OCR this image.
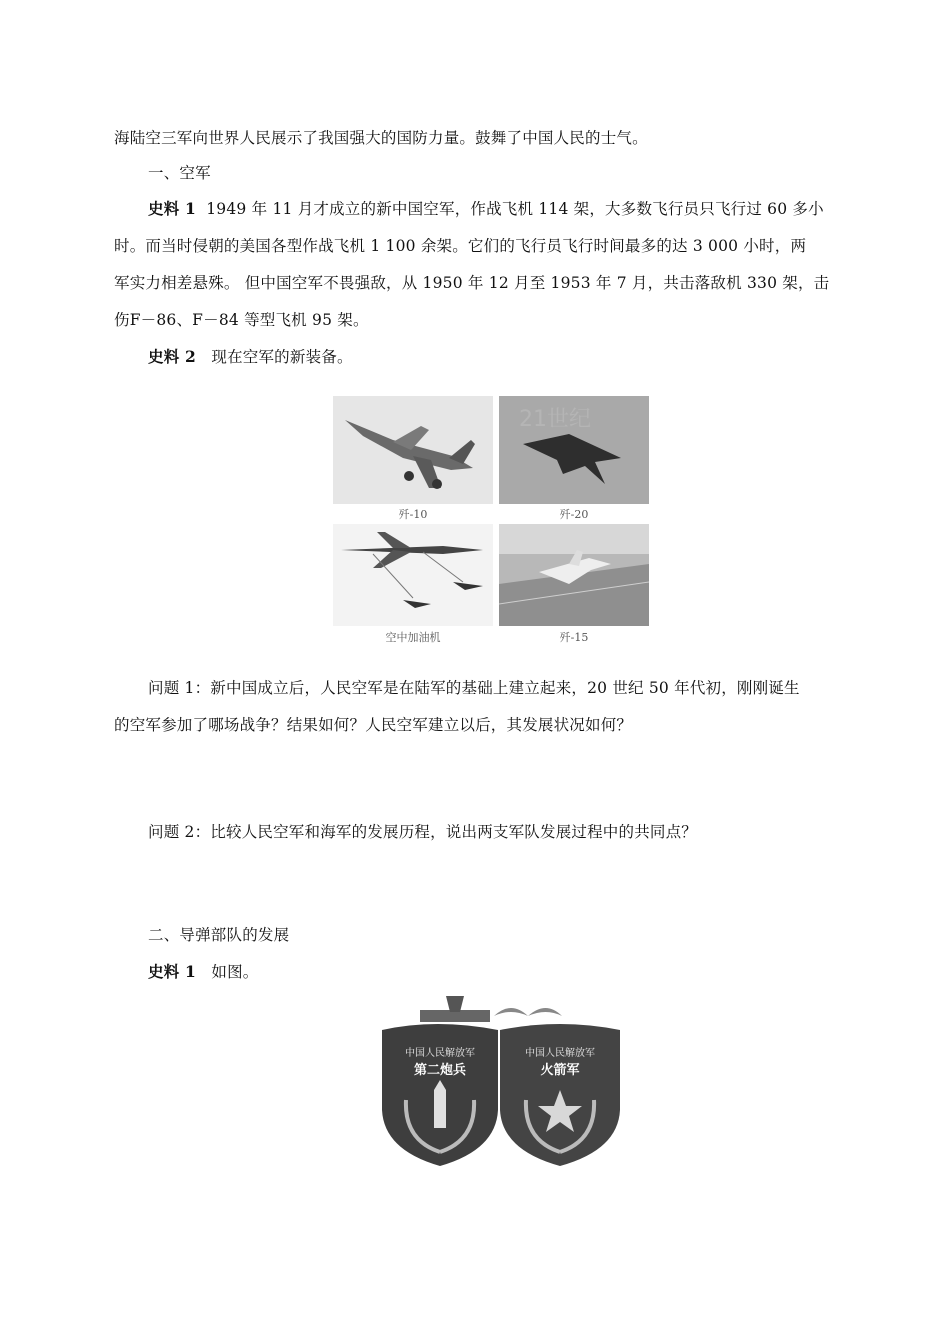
海陆空三军向世界人民展示了我国强大的国防力量。鼓舞了中国人民的士气。
一、空军
史料 1 1949 年 11 月才成立的新中国空军，作战飞机 114 架，大多数飞行员只飞行过 60 多小
时。而当时侵朝的美国各型作战飞机 1 100 余架。它们的飞行员飞行时间最多的达 3 000 小时，两
军实力相差悬殊。 但中国空军不畏强敌，从 1950 年 12 月至 1953 年 7 月，共击落敌机 330 架，击
伤F－86、F－84 等型飞机 95 架。
史料 2 现在空军的新装备。
21世纪
歼-10	歼-20
空中加油机	歼-15
问题 1：新中国成立后，人民空军是在陆军的基础上建立起来，20 世纪 50 年代初，刚刚诞生
的空军参加了哪场战争？结果如何？人民空军建立以后，其发展状况如何？
问题 2：比较人民空军和海军的发展历程，说出两支军队发展过程中的共同点？
二、导弹部队的发展
史料 1 如图。
中国人民解放军
第二炮兵
中国人民解放军
火箭军
